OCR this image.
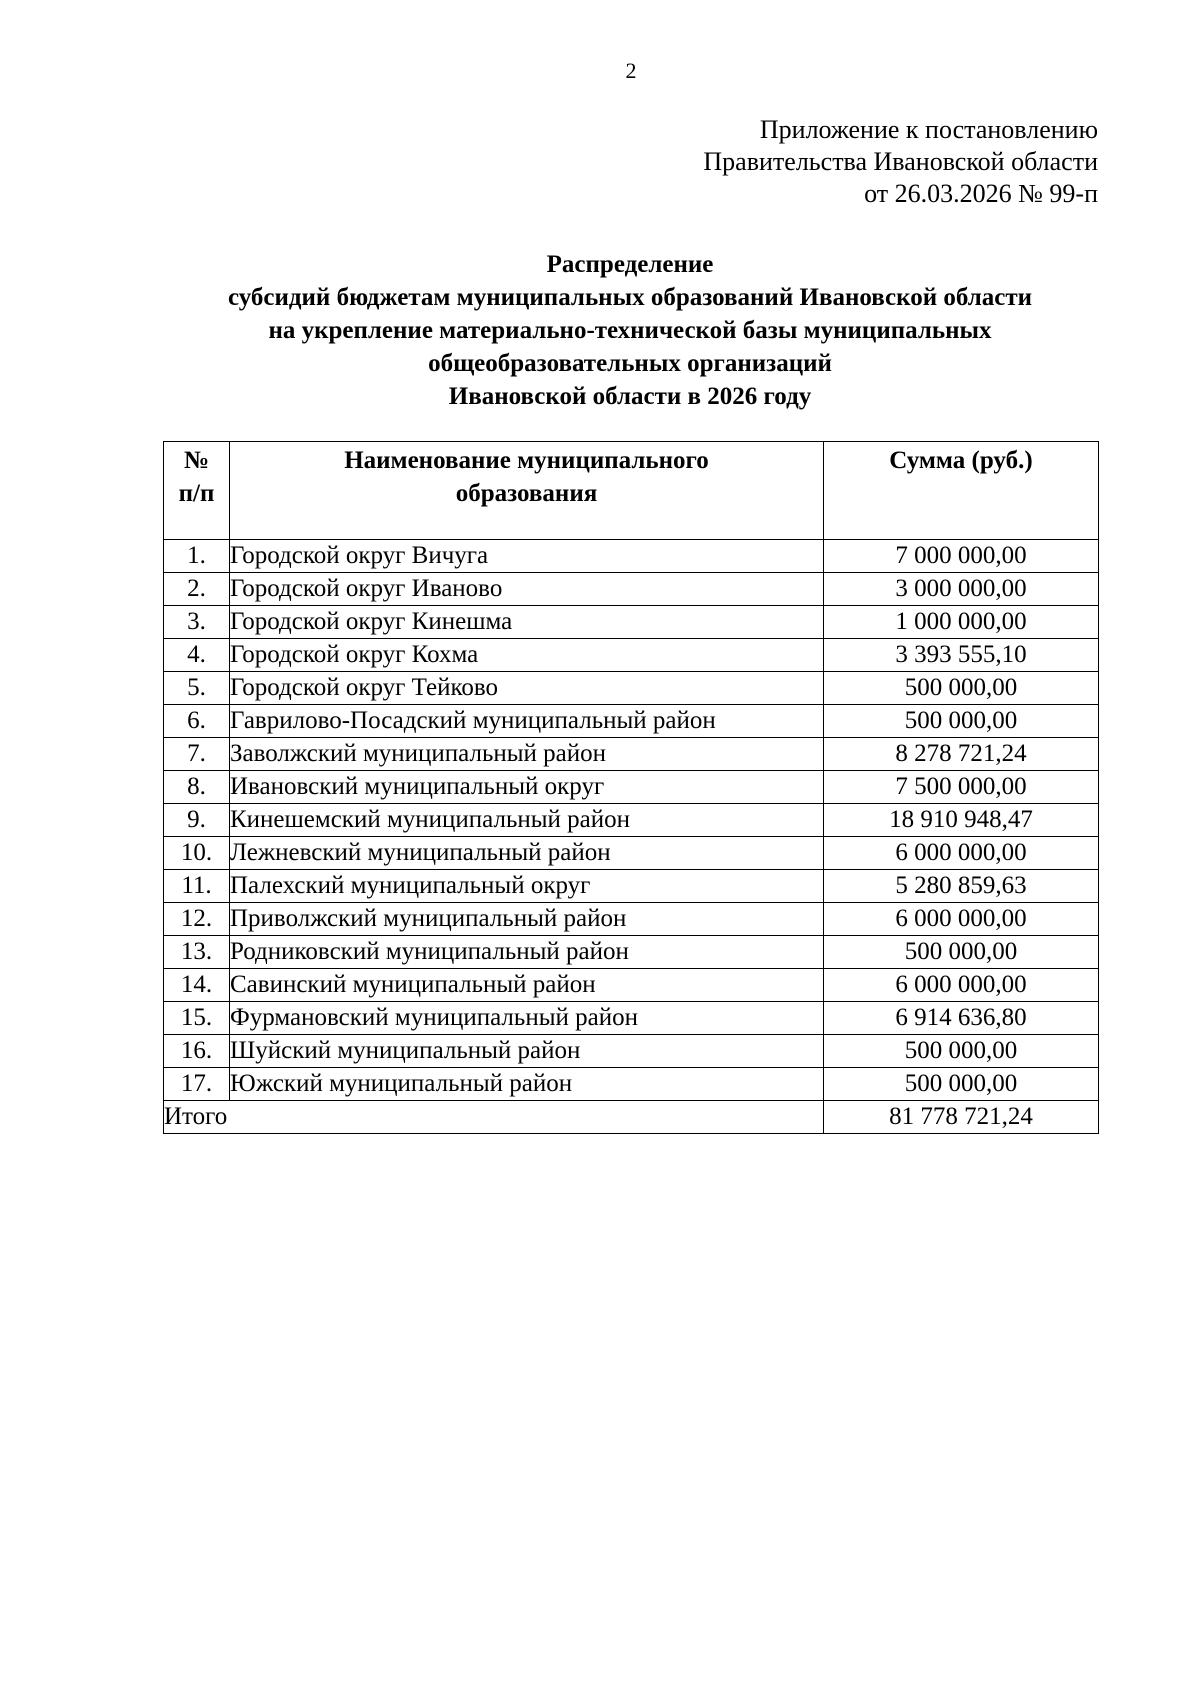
2
Приложение к постановлению
Правительства Ивановской области
от 26.03.2026 № 99-п
Распределение
субсидий бюджетам муниципальных образований Ивановской области
на укрепление материально-технической базы муниципальных
общеобразовательных организаций
Ивановской области в 2026 году
№
п/п	Наименование муниципального образования	Сумма (руб.)
1.	Городской округ Вичуга	7 000 000,00
2.	Городской округ Иваново	3 000 000,00
3.	Городской округ Кинешма	1 000 000,00
4.	Городской округ Кохма	3 393 555,10
5.	Городской округ Тейково	500 000,00
6.	Гаврилово-Посадский муниципальный район	500 000,00
7.	Заволжский муниципальный район	8 278 721,24
8.	Ивановский муниципальный округ	7 500 000,00
9.	Кинешемский муниципальный район	18 910 948,47
10.	Лежневский муниципальный район	6 000 000,00
11.	Палехский муниципальный округ	5 280 859,63
12.	Приволжский муниципальный район	6 000 000,00
13.	Родниковский муниципальный район	500 000,00
14.	Савинский муниципальный район	6 000 000,00
15.	Фурмановский муниципальный район	6 914 636,80
16.	Шуйский муниципальный район	500 000,00
17.	Южский муниципальный район	500 000,00
Итого		81 778 721,24
